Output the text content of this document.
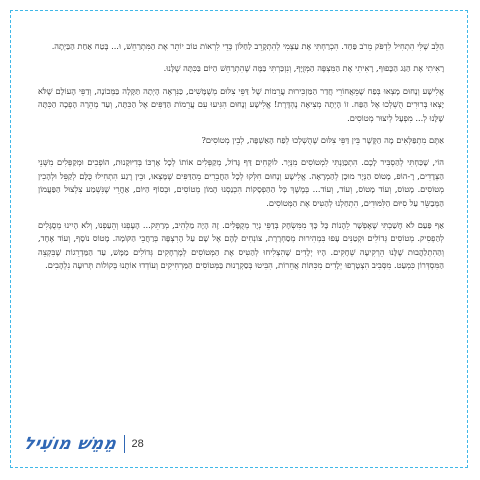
הַלֵּב שֶׁלִּי הִתְחִיל לִדְפֹּק מֵרֹב פַּחַד. הִכְרַחְתִּי אֶת עַצְמִי לְהִתְקָרֵב לַחַלּוֹן כְּדֵי לִרְאוֹת טוֹב יוֹתֵר אֶת הַמִּתְרַחֵשׁ, וּ... בֶּטַח אַחַת הַבַּיְתָה.

רָאִיתִי אֶת הַגַּג הַכָּפוּף, רָאִיתִי אֶת הַמִּצְפֶּה הַמְּזֻיָּף, וְנִזְכַּרְתִּי בַּמֶּה שֶׁהִתְרַחֵשׁ הַיּוֹם בַּכִּתָּה שֶׁלָּנוּ.

אֱלִישָׁע וְנָחוּם מָצְאוּ בְּפַח שֶׁמֵּאֲחוֹרֵי חֲדַר הַמַּזְכִּירוּת עֲרֵמוֹת שֶׁל דַּפֵּי צִלּוּם מְשֻׁמָּשִׁים, כַּנִּרְאֶה הָיְתָה תַּקָּלָה בַּמְּכוֹנָה, וְדַפֵּי הָעוֹלָם שֶׁלֹּא יָצְאוּ בְּרוּרִים הֻשְׁלְכוּ אֶל הַפַּח. זוֹ הָיְתָה מְצִיאָה נֶהְדֶּרֶת! אֱלִישָׁע וְנָחוּם הִגִּיעוּ עִם עֲרֵמוֹת הַדַּפִּים אֶל הַכִּתָּה, וְעַד מְהֵרָה הָפְכָה הַכִּתָּה שֶׁלָּנוּ לְ... מִפְעָל לְיִצּוּר מְטוֹסִים.

אַתֶּם מִתְפַּלְּאִים מָה הַקֶּשֶׁר בֵּין דַּפֵּי צִלּוּם שֶׁהֻשְׁלְכוּ לְפַח הָאַשְׁפָּה, לְבֵין מְטוֹסִים?

הוֹי, שֶׁכַּחְתִּי לְהַסְבִּיר לָכֶם. הִתְכַּוַּנְתִּי לִמְטוֹסִים מִנְּיָר. לוֹקְחִים דַּף גָּדוֹל, מְקַפְּלִים אוֹתוֹ לְכָל אָרְכּוֹ בְּדִיּוּקָנוּת, הוֹפְכִים וּמְקַפְּלִים מִשְּׁנֵי הַצְּדָדִים, רָ-הוֹפ, מָטוֹס הַנְּיָר מוּכָן לְהַמְרָאָה. אֱלִישָׁע וְנָחוּם חִלְּקוּ לְכָל הַחֲבֵרִים מֵהַדַּפִּים שֶׁמָּצְאוּ, וּבֵין רֶגַע הִתְחִילוּ כֻּלָּם לְקַפֵּל וּלְהָכִין מְטוֹסִים. מָטוֹס, וְעוֹד מָטוֹס, וְעוֹד, וְעוֹד... בְּמֶשֶׁךְ כָּל הַהַפְסָקוֹת הִכְנַסְנוּ הָמוֹן מְטוֹסִים, וּבְסוֹף הַיּוֹם, אַחֲרֵי שֶׁנִּשְׁמַע צִלְצוּל הַפַּעֲמוֹן הַמְּבַשֵּׂר עַל סִיּוּם הַלִּמּוּדִים, הִתְחַלְנוּ לְהַטִּיס אֶת הַמְּטוֹסִים.

אַף פַּעַם לֹא חָשַׁבְתִּי שֶׁאֶפְשָׁר לֵהָנוֹת כָּל כָּךְ מִמִּשְׂחָק בְּדַפֵּי נְיָר מְקֻפָּלִים. זֶה הָיָה מַלְהִיב, מְרַתֵּק... הָעֶפְנוּ וְהֵעַפְנוּ, וְלֹא הָיִינוּ מְסֻגָּלִים לְהַפְסִיק. מְטוֹסִים גְּדוֹלִים וּקְטַנִּים עָפוּ בִּמְהִירוּת מְסַחְרֶרֶת, צוֹנְחִים לָהֶם אֶל שָׁם עַל הָרִצְפָּה בְּרַחֲבֵי הַקּוֹמָה. מָטוֹס נוֹסָף, וְעוֹד אֶחָד, וְהַהִתְלַהֲבוּת שֶׁלָּנוּ הֵרְקִיעָה שְׁחָקִים. הָיוּ יְלָדִים שֶׁהִצְלִיחוּ לְהַטִּיס אֶת הַמְּטוֹסִים לְמֶרְחָקִים גְּדוֹלִים מַמָּשׁ, עַד הַמַּדְרֵגוֹת שֶׁבִּקְצֵה הַמִּסְדְּרוֹן כִּמְעַט. מִסְּבִיב הִצְטָרְפוּ יְלָדִים מִכִּתּוֹת אֲחֵרוֹת, הִבִּיטוּ בְּסַקְרָנוּת בַּמְּטוֹסִים הַמַּרְחִיקִים וְעוֹדְדוּ אוֹתָנוּ בְּקוֹלוֹת תְּרוּעָה נִלְהָבִים.

מֵמֵשׁ מוֹעִיל 28
